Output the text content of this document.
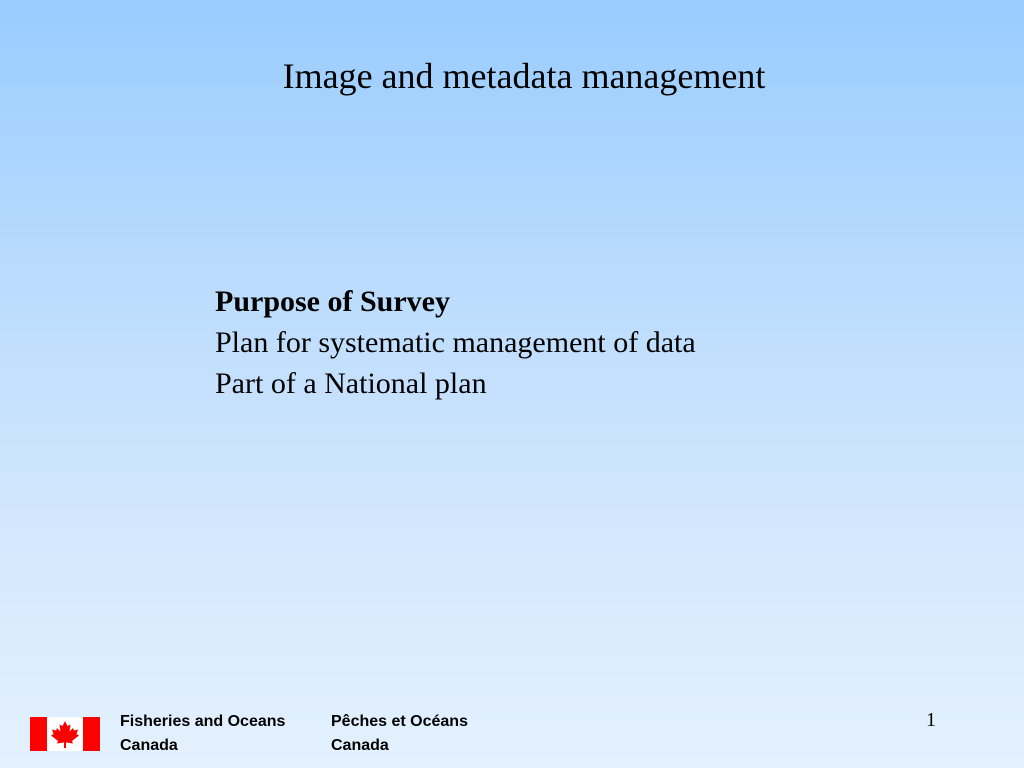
Image and metadata management
Purpose of Survey
Plan for systematic management of data
Part of a National plan
Fisheries and Oceans
Canada
Pêches et Océans
Canada
1
